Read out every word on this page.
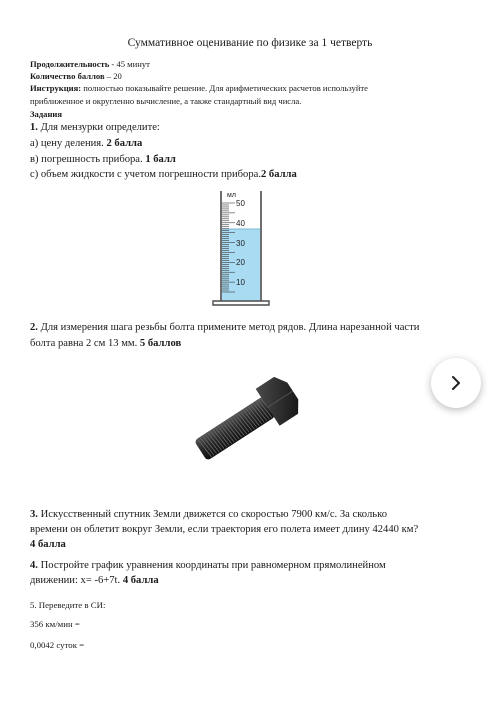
Суммативное оценивание по физике за 1 четверть
Продолжительность - 45 минут
Количество баллов – 20
Инструкция: полностью показывайте решение. Для арифметических расчетов используйте
приближенное и округленно вычисление, а также стандартный вид числа.
Задания
1. Для мензурки определите:
а) цену деления. 2 балла
в) погрешность прибора. 1 балл
с) объем жидкости с учетом погрешности прибора.2 балла
мл
50
40
30
20
10
2. Для измерения шага резьбы болта примените метод рядов. Длина нарезанной части
болта равна 2 см 13 мм. 5 баллов
3. Искусственный спутник Земли движется со скоростью 7900 км/с. За сколько
времени он облетит вокруг Земли, если траектория его полета имеет длину 42440 км?
4 балла
4. Постройте график уравнения координаты при равномерном прямолинейном
движении: х= -6+7t. 4 балла
5. Переведите в СИ:
356 км/мин =
0,0042 суток =
